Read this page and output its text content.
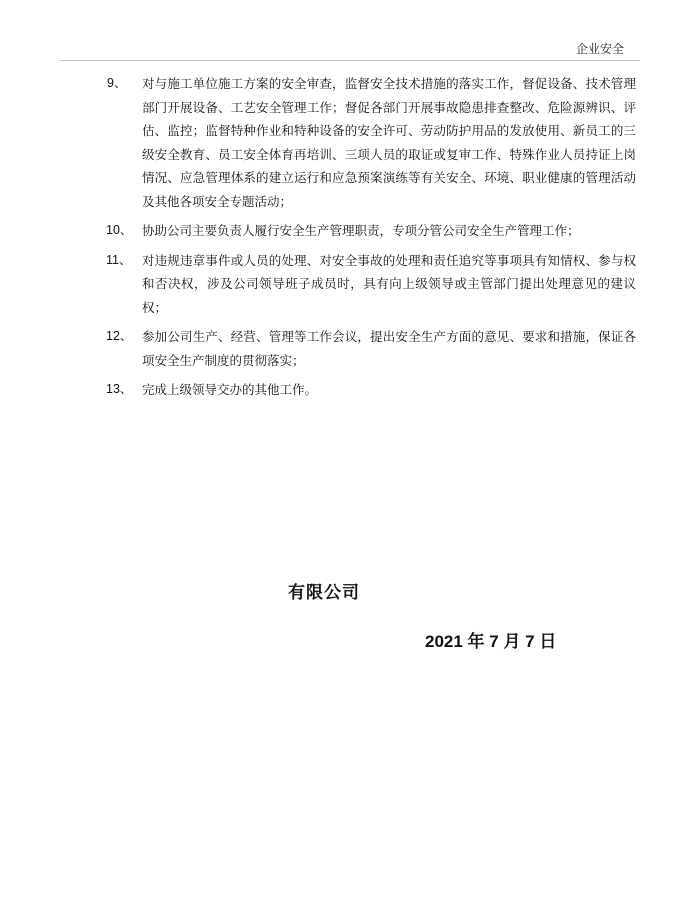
企业安全
9、 对与施工单位施工方案的安全审查，监督安全技术措施的落实工作，督促设备、技术管理部门开展设备、工艺安全管理工作；督促各部门开展事故隐患排查整改、危险源辨识、评估、监控；监督特种作业和特种设备的安全许可、劳动防护用品的发放使用、新员工的三级安全教育、员工安全体育再培训、三项人员的取证或复审工作、特殊作业人员持证上岗情况、应急管理体系的建立运行和应急预案演练等有关安全、环境、职业健康的管理活动及其他各项安全专题活动；
10、 协助公司主要负责人履行安全生产管理职责，专项分管公司安全生产管理工作；
11、 对违规违章事件或人员的处理、对安全事故的处理和责任追究等事项具有知情权、参与权和否决权，涉及公司领导班子成员时，具有向上级领导或主管部门提出处理意见的建议权；
12、 参加公司生产、经营、管理等工作会议，提出安全生产方面的意见、要求和措施，保证各项安全生产制度的贯彻落实；
13、 完成上级领导交办的其他工作。
有限公司
2021 年 7 月 7 日
